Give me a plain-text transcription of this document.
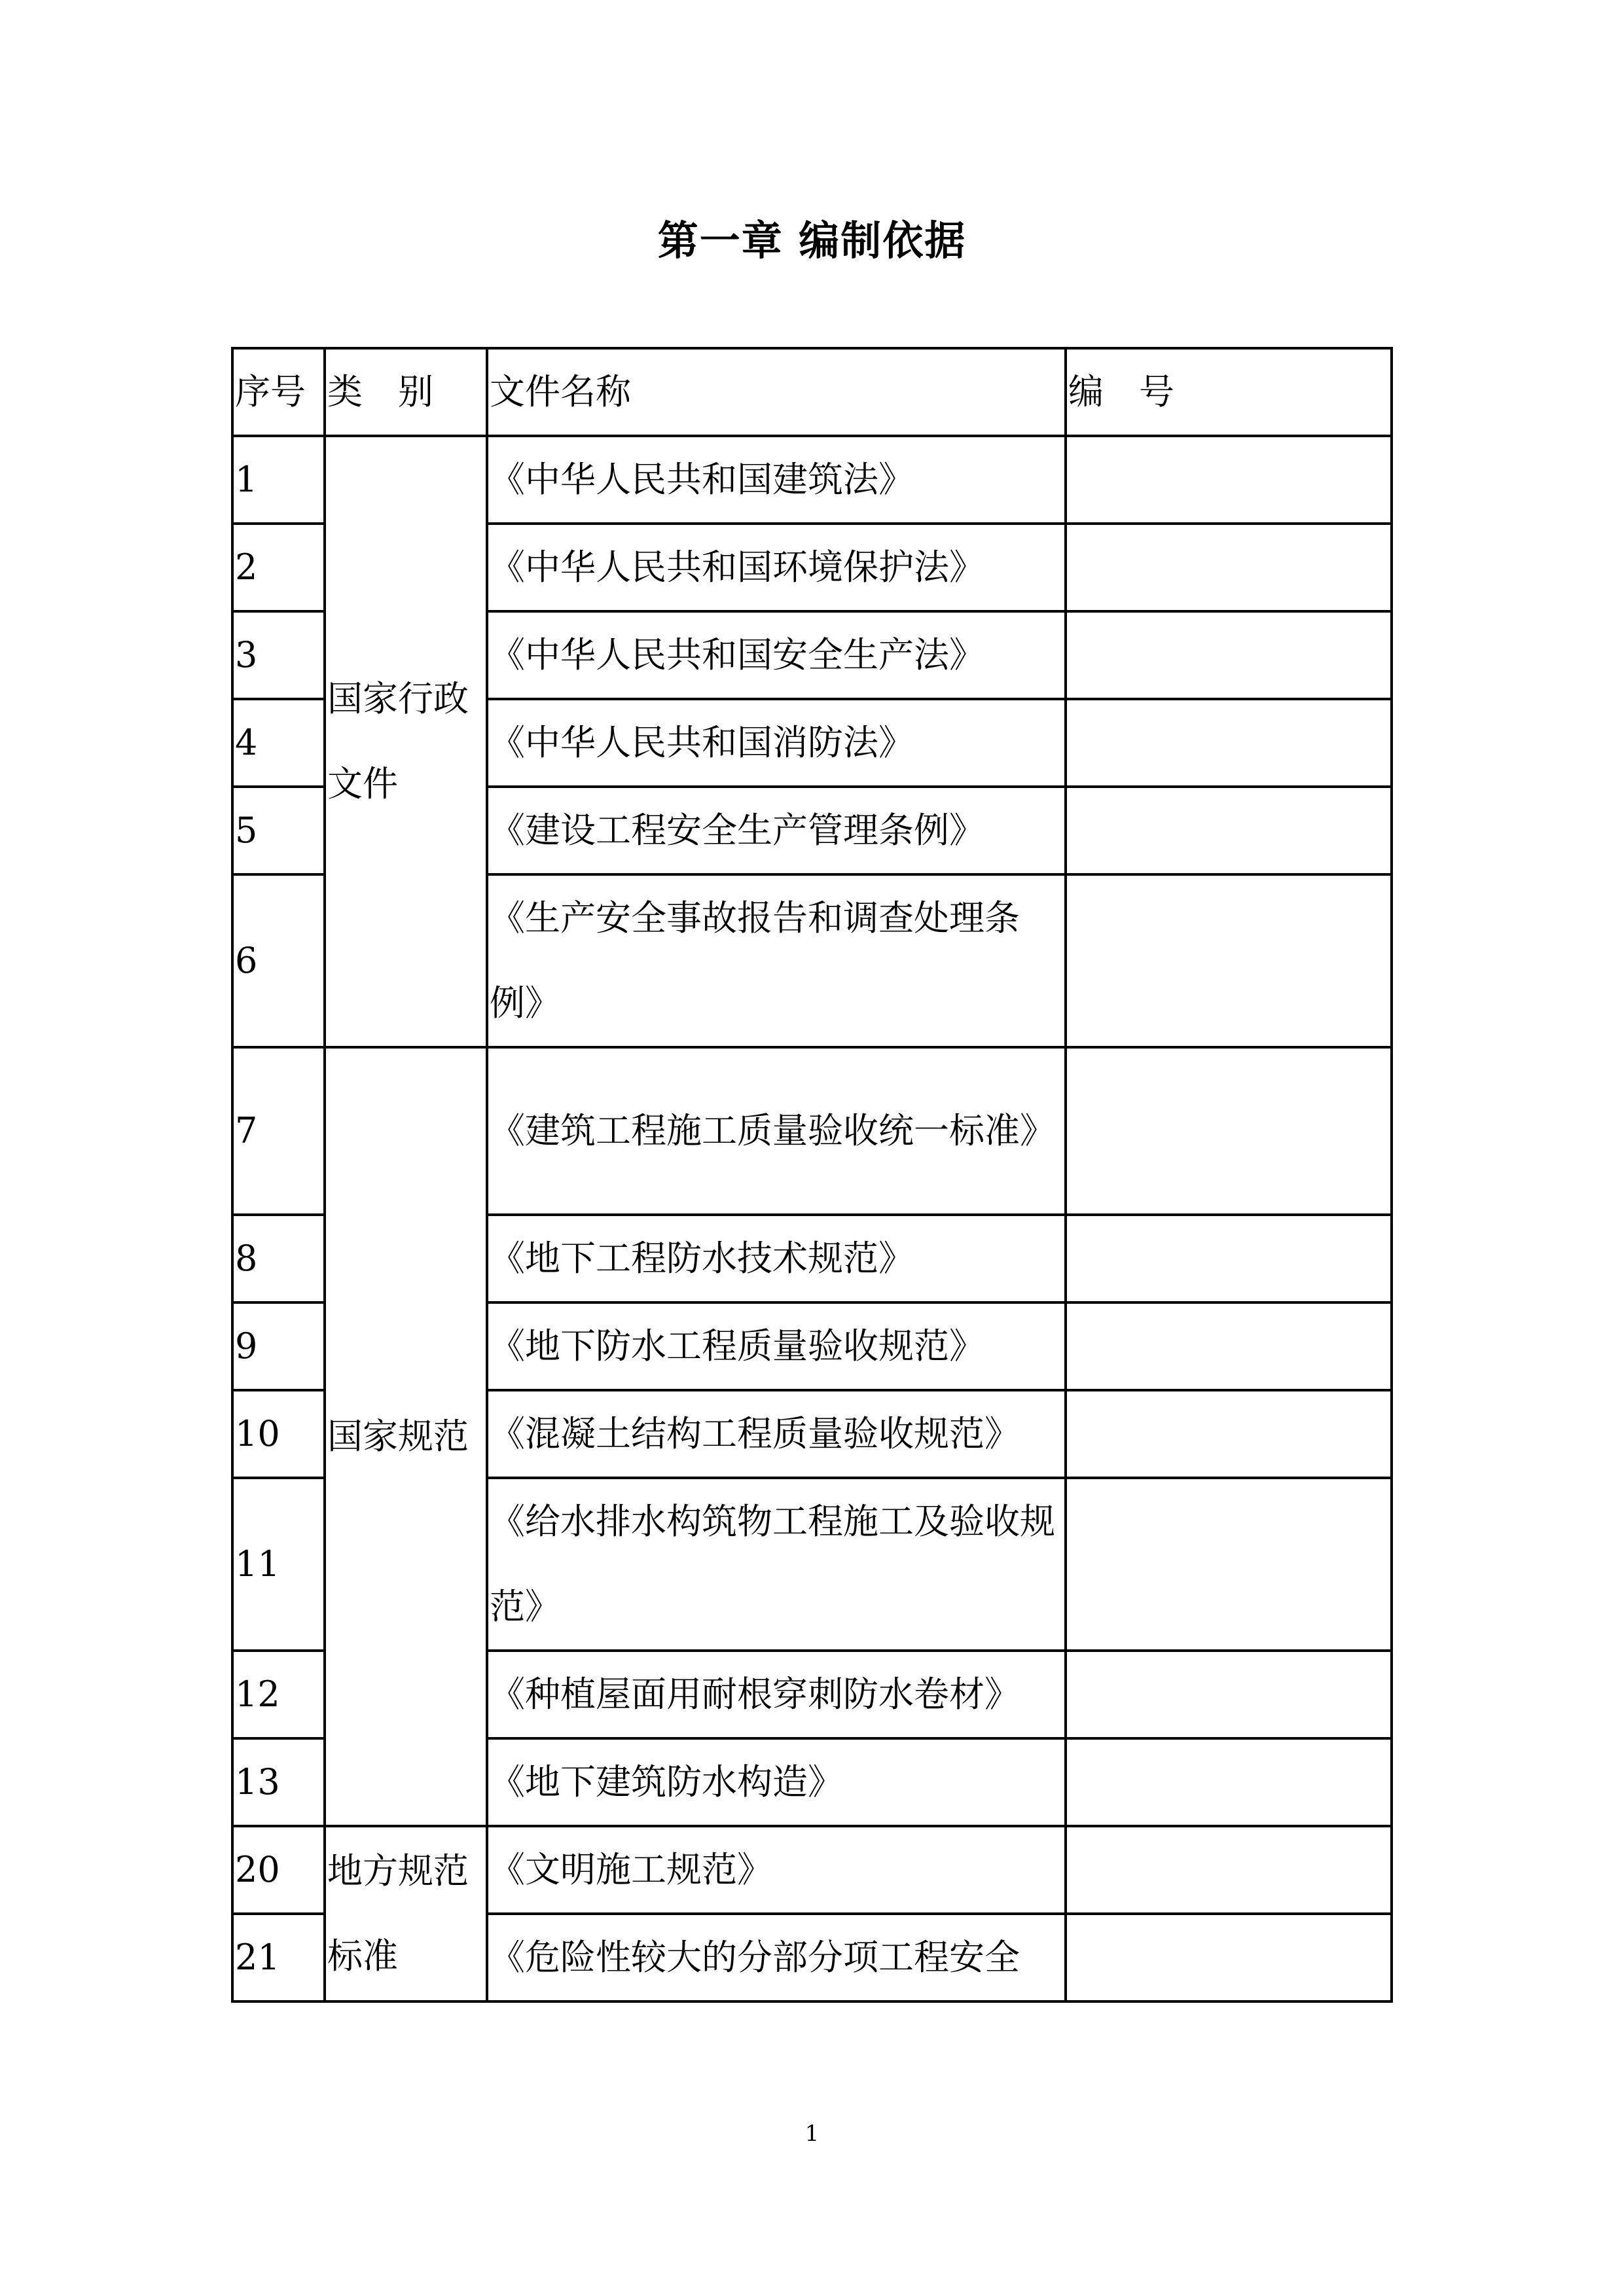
第一章 编制依据
序号	类　别	文件名称	编　号
1	国家行政文件	《中华人民共和国建筑法》	
2		《中华人民共和国环境保护法》	
3		《中华人民共和国安全生产法》	
4		《中华人民共和国消防法》	
5		《建设工程安全生产管理条例》	
6		《生产安全事故报告和调查处理条例》	
7	国家规范	《建筑工程施工质量验收统一标准》	
8		《地下工程防水技术规范》	
9		《地下防水工程质量验收规范》	
10		《混凝土结构工程质量验收规范》	
11		《给水排水构筑物工程施工及验收规范》	
12		《种植屋面用耐根穿刺防水卷材》	
13		《地下建筑防水构造》	
20	地方规范标准	《文明施工规范》	
21		《危险性较大的分部分项工程安全	
1
